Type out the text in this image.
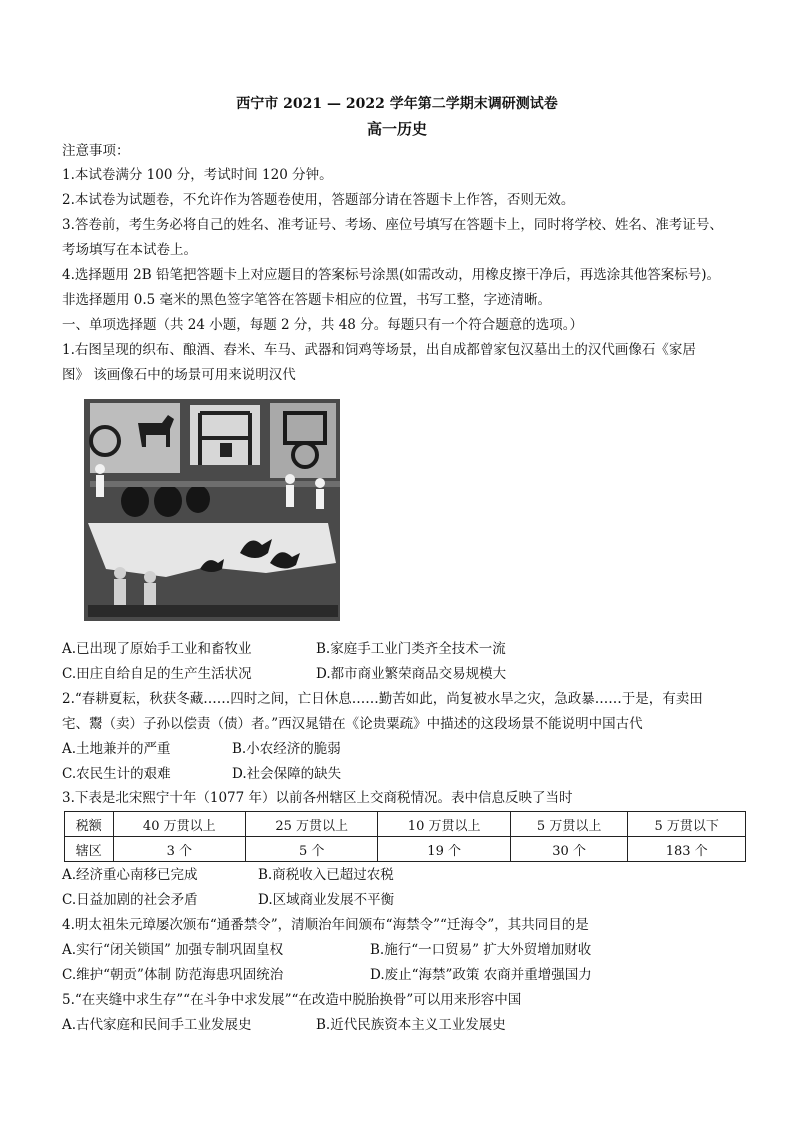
西宁市 2021 — 2022 学年第二学期末调研测试卷
高一历史
注意事项：
1.本试卷满分 100 分，考试时间 120 分钟。
2.本试卷为试题卷，不允许作为答题卷使用，答题部分请在答题卡上作答，否则无效。
3.答卷前，考生务必将自己的姓名、准考证号、考场、座位号填写在答题卡上，同时将学校、姓名、准考证号、
考场填写在本试卷上。
4.选择题用 2B 铅笔把答题卡上对应题目的答案标号涂黑(如需改动，用橡皮擦干净后，再选涂其他答案标号)。
非选择题用 0.5 毫米的黑色签字笔答在答题卡相应的位置，书写工整，字迹清晰。
一、单项选择题（共 24 小题，每题 2 分，共 48 分。每题只有一个符合题意的选项。）
1.右图呈现的织布、酿酒、舂米、车马、武器和饲鸡等场景，出自成都曾家包汉墓出土的汉代画像石《家居
图》 该画像石中的场景可用来说明汉代
A.已出现了原始手工业和畜牧业	B.家庭手工业门类齐全技术一流
C.田庄自给自足的生产生活状况	D.都市商业繁荣商品交易规模大
2.“春耕夏耘，秋获冬藏……四时之间，亡日休息……勤苦如此，尚复被水旱之灾，急政暴……于是，有卖田
宅、鬻（卖）子孙以偿责（债）者。”西汉晁错在《论贵粟疏》中描述的这段场景不能说明中国古代
A.土地兼并的严重	B.小农经济的脆弱
C.农民生计的艰难	D.社会保障的缺失
3.下表是北宋熙宁十年（1077 年）以前各州辖区上交商税情况。表中信息反映了当时
税额	40 万贯以上	25 万贯以上	10 万贯以上	5 万贯以上	5 万贯以下
辖区	3 个	5 个	19 个	30 个	183 个
A.经济重心南移已完成	B.商税收入已超过农税
C.日益加剧的社会矛盾	D.区域商业发展不平衡
4.明太祖朱元璋屡次颁布“通番禁令”，清顺治年间颁布“海禁令”“迁海令”，其共同目的是
A.实行“闭关锁国” 加强专制巩固皇权	B.施行“一口贸易” 扩大外贸增加财收
C.维护“朝贡”体制 防范海患巩固统治	D.废止“海禁”政策 农商并重增强国力
5.“在夹缝中求生存”“在斗争中求发展”“在改造中脱胎换骨”可以用来形容中国
A.古代家庭和民间手工业发展史	B.近代民族资本主义工业发展史
